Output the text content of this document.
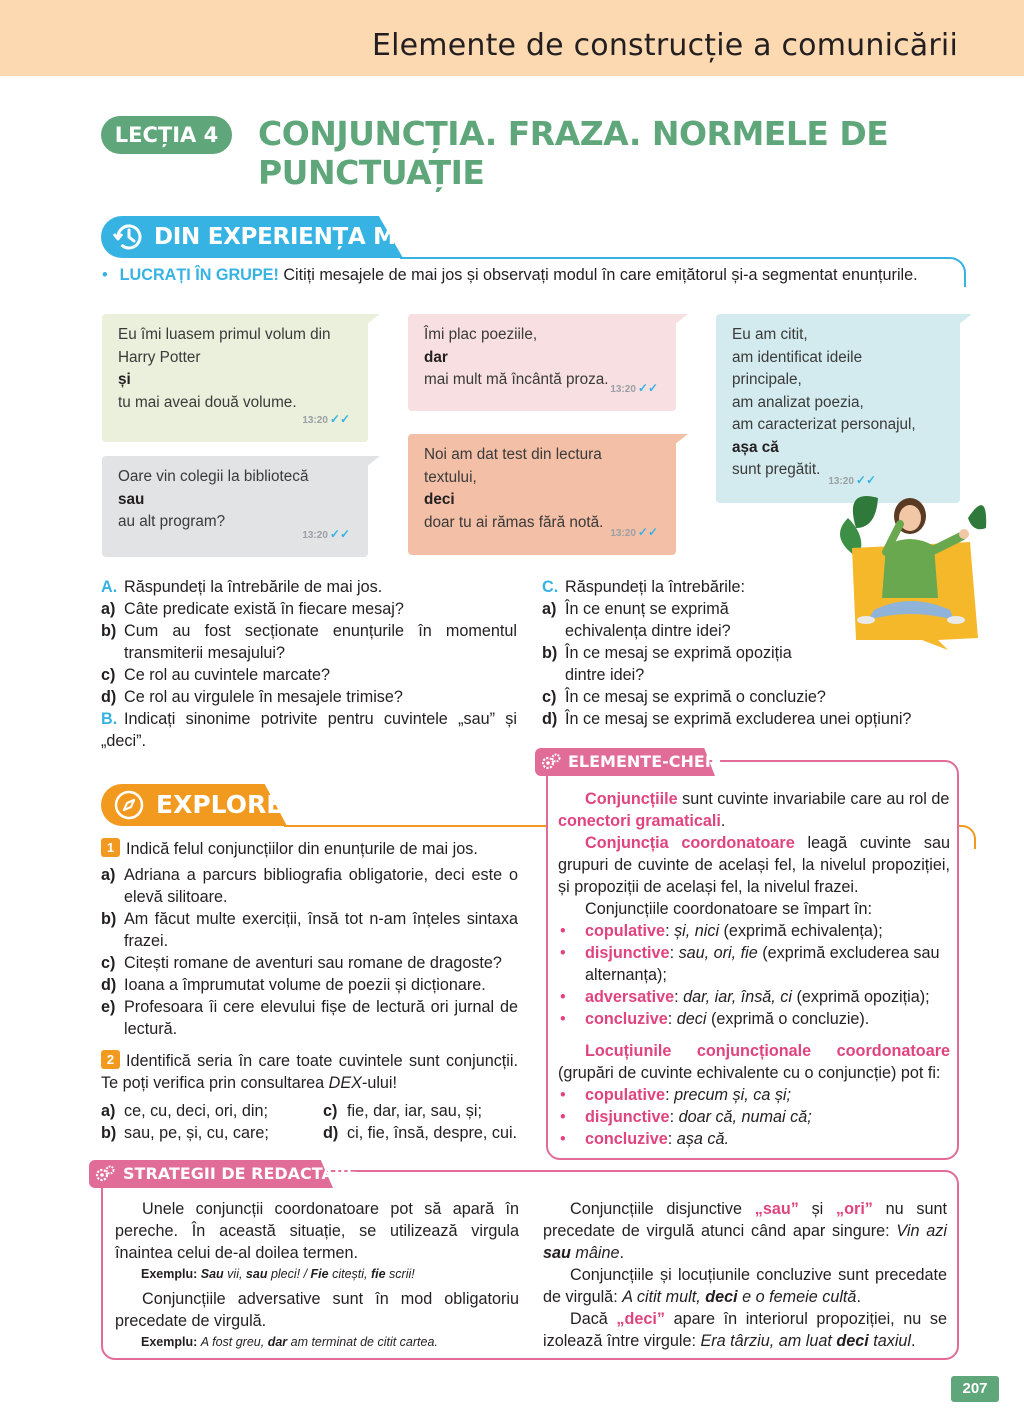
Elemente de construcție a comunicării
LECȚIA 4	CONJUNCȚIA. FRAZA. NORMELE DE PUNCTUAȚIE
DIN EXPERIENȚA MEA
• LUCRAȚI ÎN GRUPE! Citiți mesajele de mai jos și observați modul în care emițătorul și-a segmentat enunțurile.
Eu îmi luasem primul volum din
Harry Potter
și
tu mai aveai două volume.
13:20 ✓✓
Oare vin colegii la bibliotecă
sau
au alt program?
13:20 ✓✓
Îmi plac poeziile,
dar
mai mult mă încântă proza.
13:20 ✓✓
Noi am dat test din lectura
textului,
deci
doar tu ai rămas fără notă.
13:20 ✓✓
Eu am citit,
am identificat ideile
principale,
am analizat poezia,
am caracterizat personajul,
așa că
sunt pregătit.
13:20 ✓✓
A. Răspundeți la întrebările de mai jos.
a) Câte predicate există în fiecare mesaj?
b) Cum au fost secționate enunțurile în momentul transmiterii mesajului?
c) Ce rol au cuvintele marcate?
d) Ce rol au virgulele în mesajele trimise?
B. Indicați sinonime potrivite pentru cuvintele „sau” și „deci”.
C. Răspundeți la întrebările:
a) În ce enunț se exprimă echivalența dintre idei?
b) În ce mesaj se exprimă opoziția dintre idei?
c) În ce mesaj se exprimă o concluzie?
d) În ce mesaj se exprimă excluderea unei opțiuni?
EXPLOREZ
1 Indică felul conjuncțiilor din enunțurile de mai jos.
a) Adriana a parcurs bibliografia obligatorie, deci este o elevă silitoare.
b) Am făcut multe exerciții, însă tot n-am înțeles sintaxa frazei.
c) Citești romane de aventuri sau romane de dragoste?
d) Ioana a împrumutat volume de poezii și dicționare.
e) Profesoara îi cere elevului fișe de lectură ori jurnal de lectură.
2 Identifică seria în care toate cuvintele sunt conjuncții. Te poți verifica prin consultarea DEX-ului!
a) ce, cu, deci, ori, din;	c) fie, dar, iar, sau, și;
b) sau, pe, și, cu, care;	d) ci, fie, însă, despre, cui.
ELEMENTE-CHEIE
Conjuncțiile sunt cuvinte invariabile care au rol de conectori gramaticali.
Conjuncția coordonatoare leagă cuvinte sau grupuri de cuvinte de același fel, la nivelul propoziției, și propoziții de același fel, la nivelul frazei.
Conjuncțiile coordonatoare se împart în:
•	copulative: și, nici (exprimă echivalența);
•	disjunctive: sau, ori, fie (exprimă excluderea sau alternanța);
•	adversative: dar, iar, însă, ci (exprimă opoziția);
•	concluzive: deci (exprimă o concluzie).
Locuțiunile conjuncționale coordonatoare (grupări de cuvinte echivalente cu o conjuncție) pot fi:
•	copulative: precum și, ca și;
•	disjunctive: doar că, numai că;
•	concluzive: așa că.
STRATEGII DE REDACTARE
Unele conjuncții coordonatoare pot să apară în pereche. În această situație, se utilizează virgula înaintea celui de-al doilea termen.
Exemplu: Sau vii, sau pleci! / Fie citești, fie scrii!
Conjuncțiile adversative sunt în mod obligatoriu precedate de virgulă.
Exemplu: A fost greu, dar am terminat de citit cartea.
Conjuncțiile disjunctive „sau” și „ori” nu sunt precedate de virgulă atunci când apar singure: Vin azi sau mâine.
Conjuncțiile și locuțiunile concluzive sunt precedate de virgulă: A citit mult, deci e o femeie cultă.
Dacă „deci” apare în interiorul propoziției, nu se izolează între virgule: Era târziu, am luat deci taxiul.
207
